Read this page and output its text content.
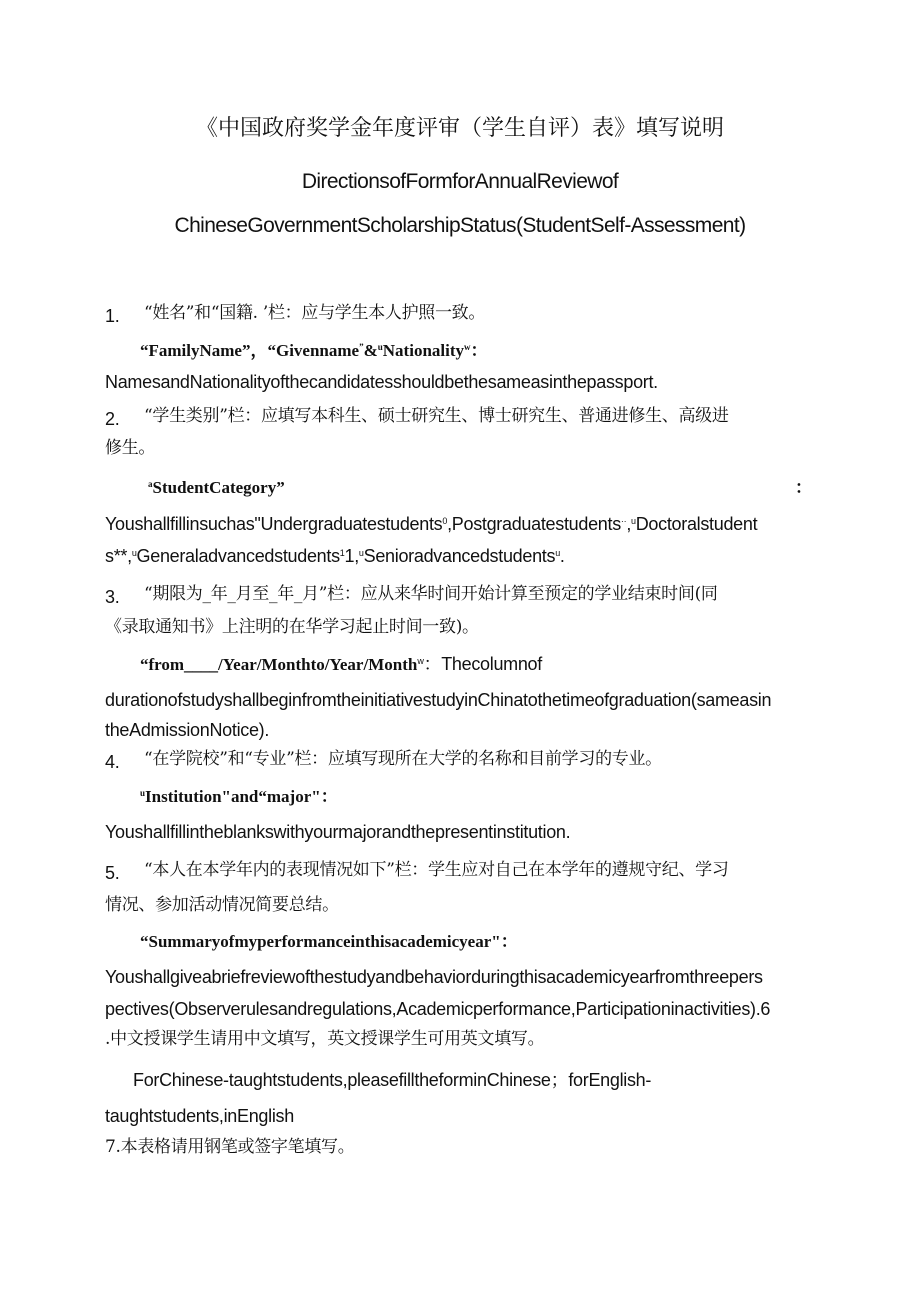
《中国政府奖学金年度评审（学生自评）表》填写说明
DirectionsofFormforAnnualReviewof
ChineseGovernmentScholarshipStatus(StudentSelf-Assessment)
1. “姓名”和“国籍. ’栏：应与学生本人护照一致。
“FamilyName”，“Givenname”&$^u$Nationality$^w$：
NamesandNationalityofthecandidatesshouldbethesameasinthepassport.
2. “学生类别”栏：应填写本科生、硕士研究生、博士研究生、普通进修生、高级进
修生。
$^a$StudentCategory”	：
Youshallfillinsuchas"Undergraduatestudents$^0$,Postgraduatestudents··,$^u$Doctoralstudent
s**,$^u$Generaladvancedstudents$^1$1,$^u$Senioradvancedstudents$^u$.
3. “期限为_年_月至_年_月”栏：应从来华时间开始计算至预定的学业结束时间(同
《录取通知书》上注明的在华学习起止时间一致)。
“from____/Year/Monthto/Year/Month$^w$：Thecolumnof
durationofstudyshallbeginfromtheinitiativestudyinChinatothetimeofgraduation(sameasin
theAdmissionNotice).
4. “在学院校”和“专业”栏：应填写现所在大学的名称和目前学习的专业。
$^u$Institution"and“major"：
Youshallfillintheblankswithyourmajorandthepresentinstitution.
5. “本人在本学年内的表现情况如下”栏：学生应对自己在本学年的遵规守纪、学习
情况、参加活动情况简要总结。
“Summaryofmyperformanceinthisacademicyear"：
Youshallgiveabriefreviewofthestudyandbehaviorduringthisacademicyearfromthreepers
pectives(Observerulesandregulations,Academicperformance,Participationinactivities).6
.中文授课学生请用中文填写，英文授课学生可用英文填写。
ForChinese-taughtstudents,pleasefilltheforminChinese；forEnglish-
taughtstudents,inEnglish
7.本表格请用钢笔或签字笔填写。
